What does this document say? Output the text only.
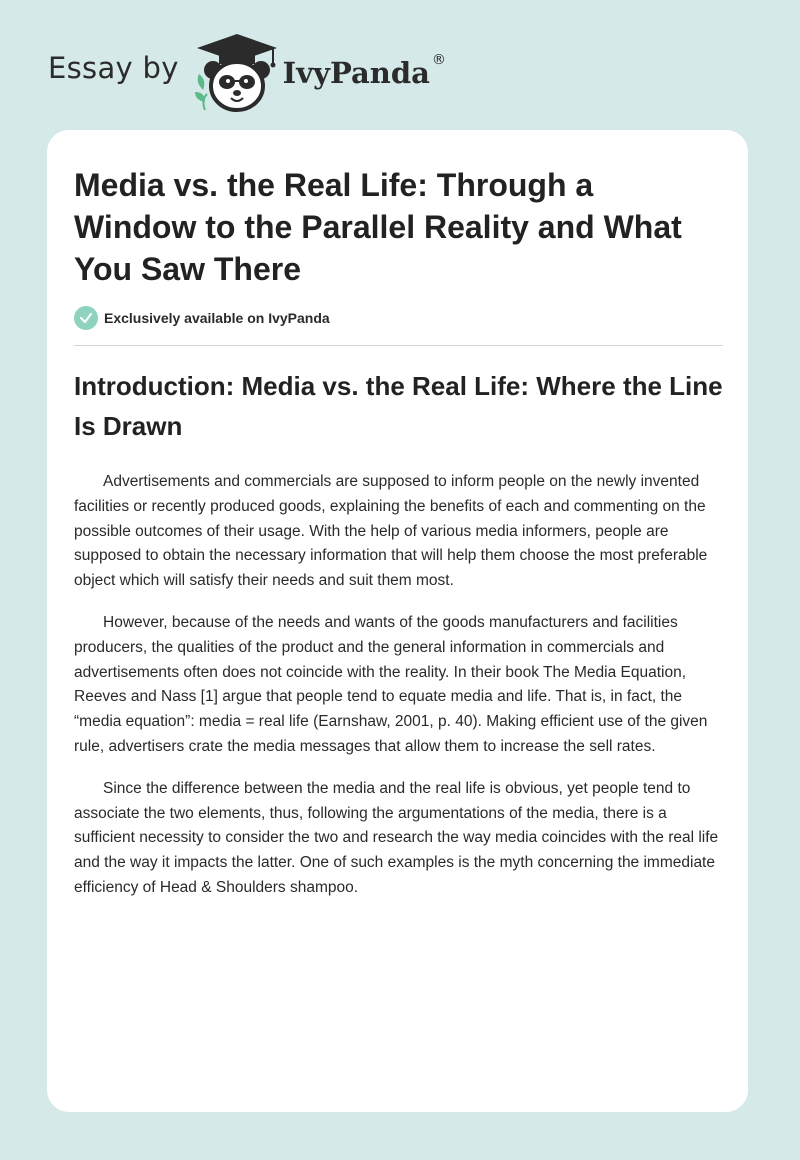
Essay by	IvyPanda ®
Media vs. the Real Life: Through a Window to the Parallel Reality and What You Saw There
Exclusively available on IvyPanda
Introduction: Media vs. the Real Life: Where the Line Is Drawn

Advertisements and commercials are supposed to inform people on the newly invented facilities or recently produced goods, explaining the benefits of each and commenting on the possible outcomes of their usage. With the help of various media informers, people are supposed to obtain the necessary information that will help them choose the most preferable object which will satisfy their needs and suit them most.

However, because of the needs and wants of the goods manufacturers and facilities producers, the qualities of the product and the general information in commercials and advertisements often does not coincide with the reality. In their book The Media Equation, Reeves and Nass [1] argue that people tend to equate media and life. That is, in fact, the “media equation”: media = real life (Earnshaw, 2001, p. 40). Making efficient use of the given rule, advertisers crate the media messages that allow them to increase the sell rates.

Since the difference between the media and the real life is obvious, yet people tend to associate the two elements, thus, following the argumentations of the media, there is a sufficient necessity to consider the two and research the way media coincides with the real life and the way it impacts the latter. One of such examples is the myth concerning the immediate efficiency of Head & Shoulders shampoo.
